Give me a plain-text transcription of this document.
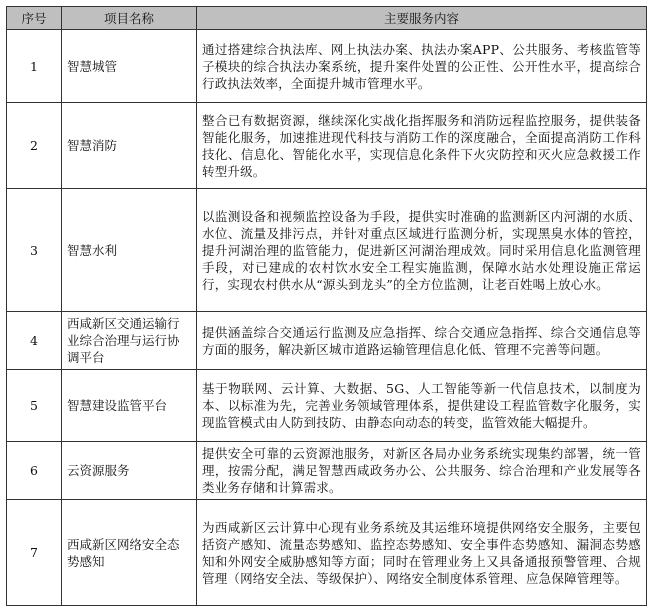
序号	项目名称	主要服务内容
1	智慧城管	通过搭建综合执法库、网上执法办案、执法办案APP、公共服务、考核监管等子模块的综合执法办案系统，提升案件处置的公正性、公开性水平，提高综合行政执法效率，全面提升城市管理水平。
2	智慧消防	整合已有数据资源，继续深化实战化指挥服务和消防远程监控服务，提供装备智能化服务，加速推进现代科技与消防工作的深度融合，全面提高消防工作科技化、信息化、智能化水平，实现信息化条件下火灾防控和灭火应急救援工作转型升级。
3	智慧水利	以监测设备和视频监控设备为手段，提供实时准确的监测新区内河湖的水质、水位、流量及排污点，并针对重点区域进行监测分析，实现黑臭水体的管控，提升河湖治理的监管能力，促进新区河湖治理成效。同时采用信息化监测管理手段，对已建成的农村饮水安全工程实施监测，保障水站水处理设施正常运行，实现农村供水从“源头到龙头”的全方位监测，让老百姓喝上放心水。
4	西咸新区交通运输行业综合治理与运行协调平台	提供涵盖综合交通运行监测及应急指挥、综合交通应急指挥、综合交通信息等方面的服务，解决新区城市道路运输管理信息化低、管理不完善等问题。
5	智慧建设监管平台	基于物联网、云计算、大数据、5G、人工智能等新一代信息技术，以制度为本、以标准为先，完善业务领域管理体系，提供建设工程监管数字化服务，实现监管模式由人防到技防、由静态向动态的转变，监管效能大幅提升。
6	云资源服务	提供安全可靠的云资源池服务，对新区各局办业务系统实现集约部署，统一管理，按需分配，满足智慧西咸政务办公、公共服务、综合治理和产业发展等各类业务存储和计算需求。
7	西咸新区网络安全态势感知	为西咸新区云计算中心现有业务系统及其运维环境提供网络安全服务，主要包括资产感知、流量态势感知、监控态势感知、安全事件态势感知、漏洞态势感知和外网安全威胁感知等方面；同时在管理业务上又具备通报预警管理、合规管理（网络安全法、等级保护）、网络安全制度体系管理、应急保障管理等。
